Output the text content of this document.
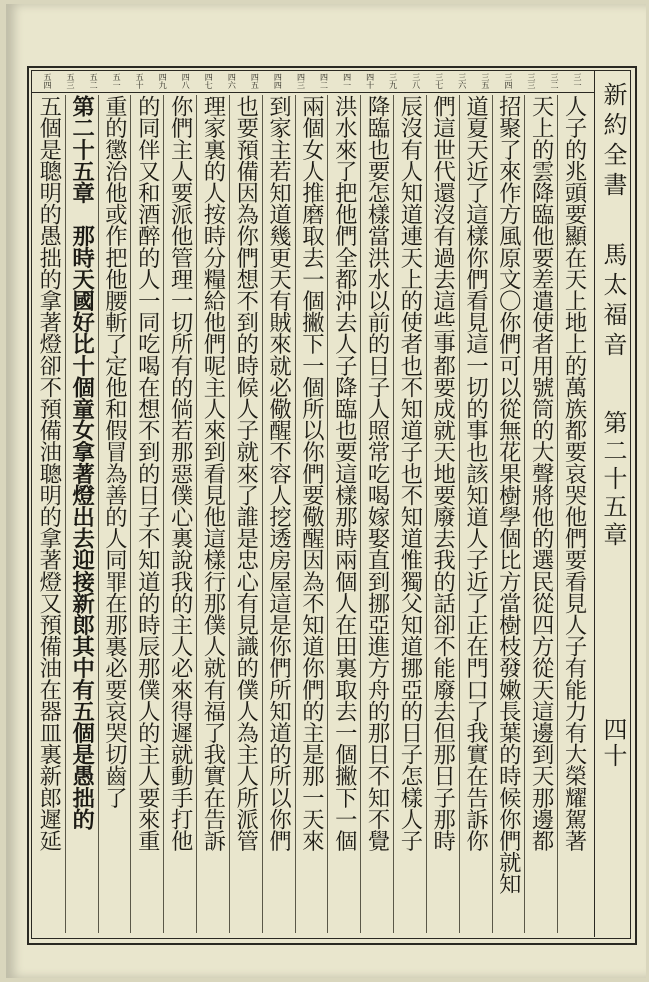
新約全書
馬太福音
第二十五章
四十
三一
三二
三三
三四
三五
三六
三七
三八
三九
四十
四一
四二
四三
四四
四五
四六
四七
四八
四九
五十
五一
五二
五三
五四
人子的兆頭要顯在天上地上的萬族都要哀哭他們要看見人子有能力有大榮耀駕著
天上的雲降臨他要差遣使者用號筒的大聲將他的選民從四方從天這邊到天那邊都
招聚了來作方風原文〇你們可以從無花果樹學個比方當樹枝發嫩長葉的時候你們就知
道夏天近了這樣你們看見這一切的事也該知道人子近了正在門口了我實在告訴你
們這世代還沒有過去這些事都要成就天地要廢去我的話卻不能廢去但那日子那時
辰沒有人知道連天上的使者也不知道子也不知道惟獨父知道挪亞的日子怎樣人子
降臨也要怎樣當洪水以前的日子人照常吃喝嫁娶直到挪亞進方舟的那日不知不覺
洪水來了把他們全都沖去人子降臨也要這樣那時兩個人在田裏取去一個撇下一個
兩個女人推磨取去一個撇下一個所以你們要儆醒因為不知道你們的主是那一天來
到家主若知道幾更天有賊來就必儆醒不容人挖透房屋這是你們所知道的所以你們
也要預備因為你們想不到的時候人子就來了誰是忠心有見識的僕人為主人所派管
理家裏的人按時分糧給他們呢主人來到看見他這樣行那僕人就有福了我實在告訴
你們主人要派他管理一切所有的倘若那惡僕心裏說我的主人必來得遲就動手打他
的同伴又和酒醉的人一同吃喝在想不到的日子不知道的時辰那僕人的主人要來重
重的懲治他或作把他腰斬了定他和假冒為善的人同罪在那裏必要哀哭切齒了
第二十五章　那時天國好比十個童女拿著燈出去迎接新郎其中有五個是愚拙的
五個是聰明的愚拙的拿著燈卻不預備油聰明的拿著燈又預備油在器皿裏新郎遲延
